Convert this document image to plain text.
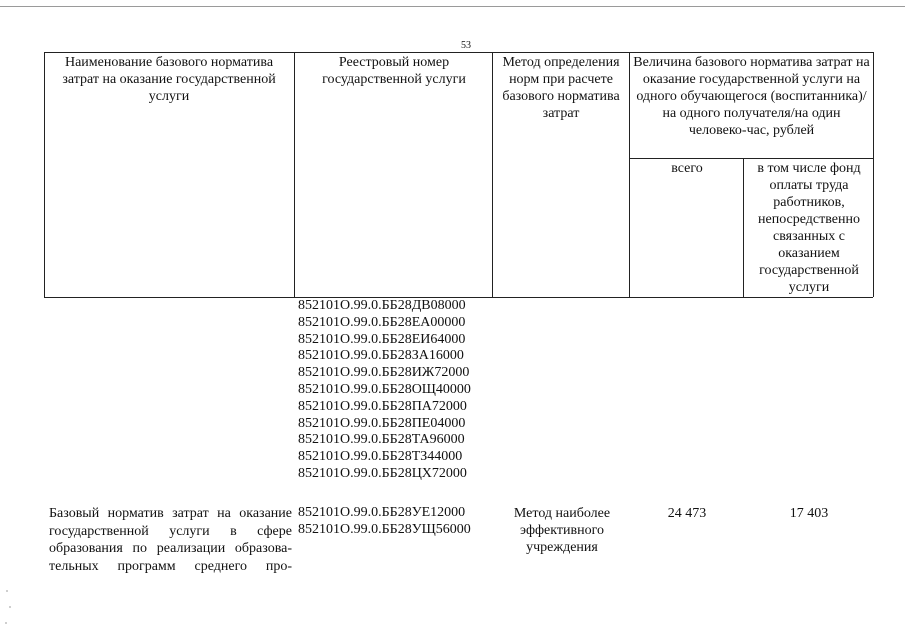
53
Наименование базового норматива затрат на оказание государственной услуги
Реестровый номер государственной услуги
Метод определения норм при расчете базового норматива затрат
Величина базового норматива затрат на оказание государственной услуги на одного обучающегося (воспитанника)/на одного получателя/на один человеко-час, рублей
всего	в том числе фонд оплаты труда работников, непосредственно связанных с оказанием государственной услуги
852101О.99.0.ББ28ДВ08000
852101О.99.0.ББ28ЕА00000
852101О.99.0.ББ28ЕИ64000
852101О.99.0.ББ28ЗА16000
852101О.99.0.ББ28ИЖ72000
852101О.99.0.ББ28ОЩ40000
852101О.99.0.ББ28ПА72000
852101О.99.0.ББ28ПЕ04000
852101О.99.0.ББ28ТА96000
852101О.99.0.ББ28ТЗ44000
852101О.99.0.ББ28ЦХ72000
Базовый норматив затрат на оказание
государственной услуги в сфере
образования по реализации образова-
тельных программ среднего про-
852101О.99.0.ББ28УЕ12000
852101О.99.0.ББ28УЩ56000
Метод наиболее эффективного учреждения
24 473	17 403
